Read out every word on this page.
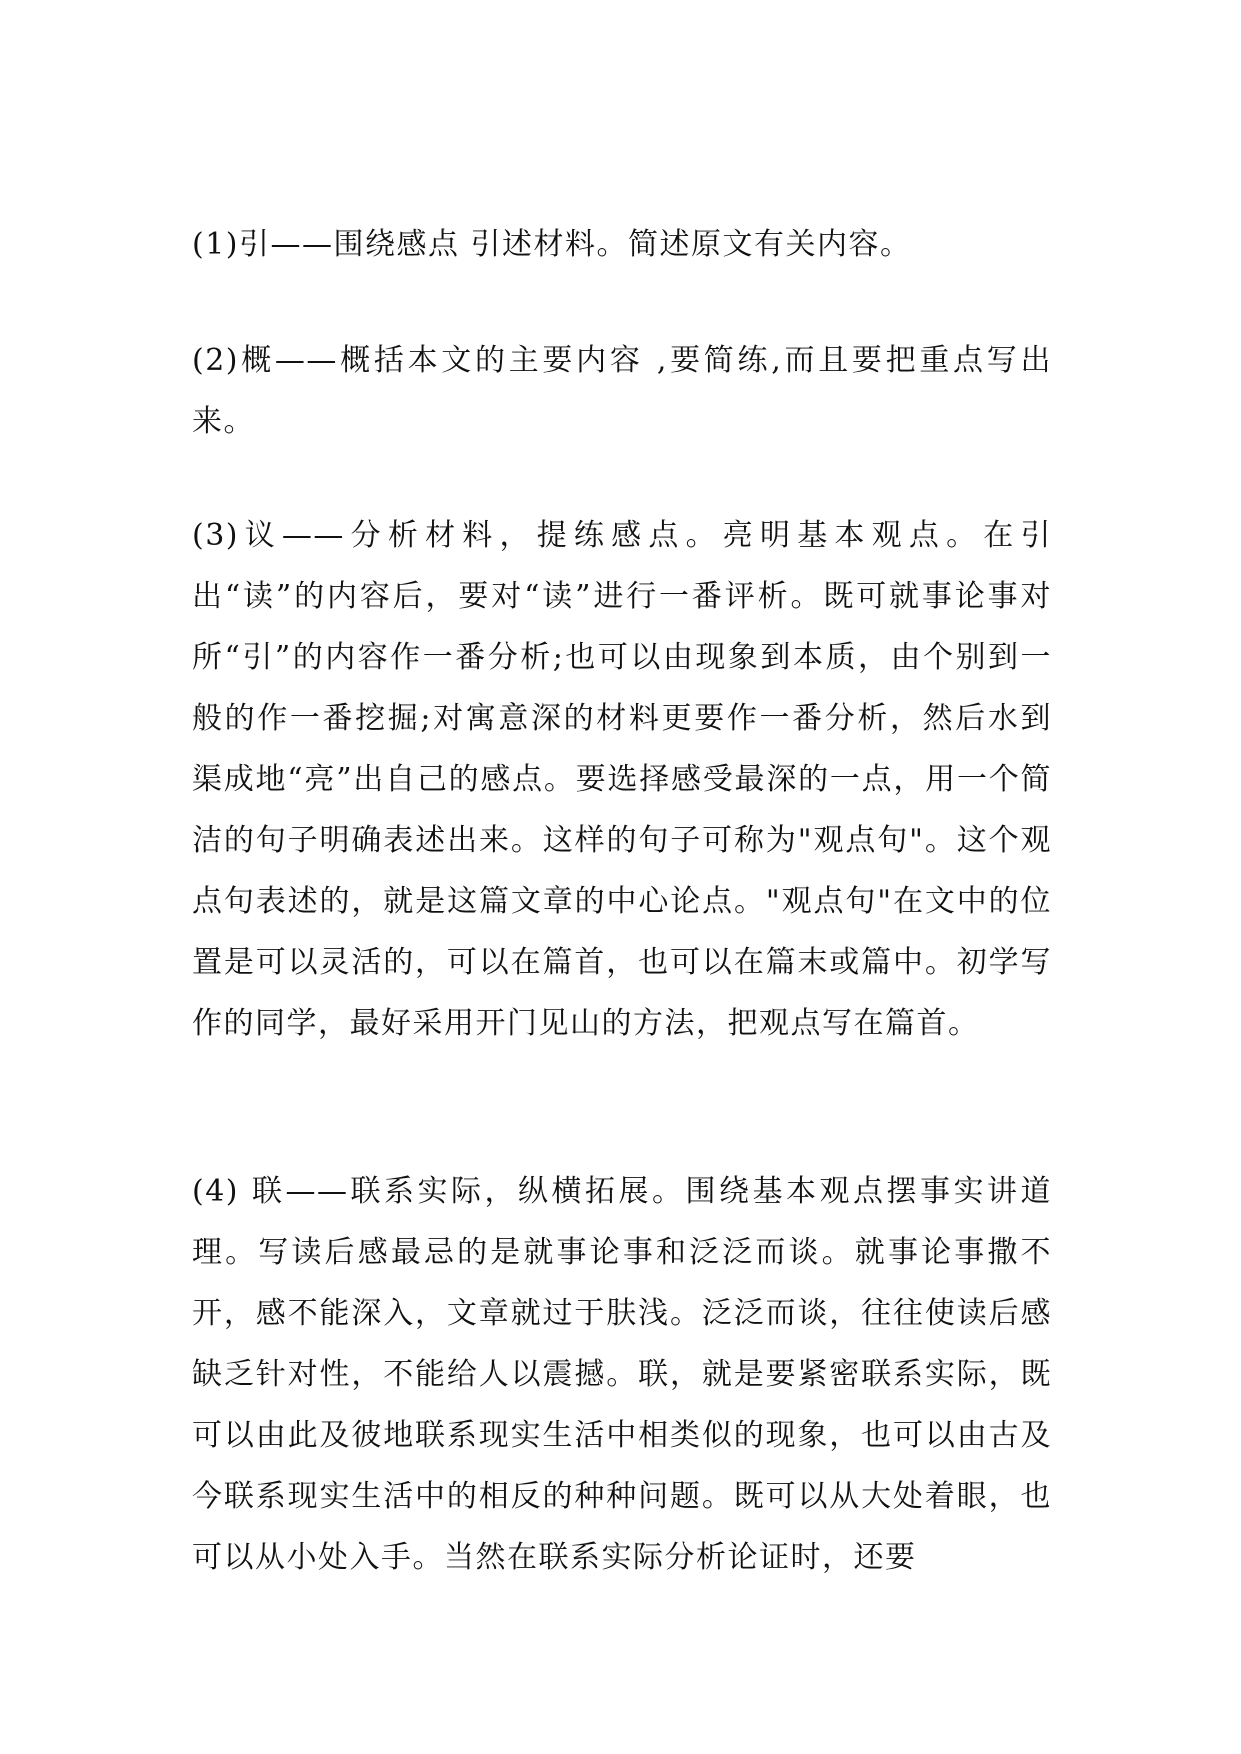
(1)引——围绕感点 引述材料。简述原文有关内容。

(2)概——概括本文的主要内容 ,要简练,而且要把重点写出来。

(3)议——分析材料，提练感点。亮明基本观点。在引出“读”的内容后，要对“读”进行一番评析。既可就事论事对所“引”的内容作一番分析;也可以由现象到本质，由个别到一般的作一番挖掘;对寓意深的材料更要作一番分析，然后水到渠成地“亮”出自己的感点。要选择感受最深的一点，用一个简洁的句子明确表述出来。这样的句子可称为"观点句"。这个观点句表述的，就是这篇文章的中心论点。"观点句"在文中的位置是可以灵活的，可以在篇首，也可以在篇末或篇中。初学写作的同学，最好采用开门见山的方法，把观点写在篇首。

(4) 联——联系实际，纵横拓展。围绕基本观点摆事实讲道理。写读后感最忌的是就事论事和泛泛而谈。就事论事撒不开，感不能深入，文章就过于肤浅。泛泛而谈，往往使读后感缺乏针对性，不能给人以震撼。联，就是要紧密联系实际，既可以由此及彼地联系现实生活中相类似的现象，也可以由古及今联系现实生活中的相反的种种问题。既可以从大处着眼，也可以从小处入手。当然在联系实际分析论证时，还要
